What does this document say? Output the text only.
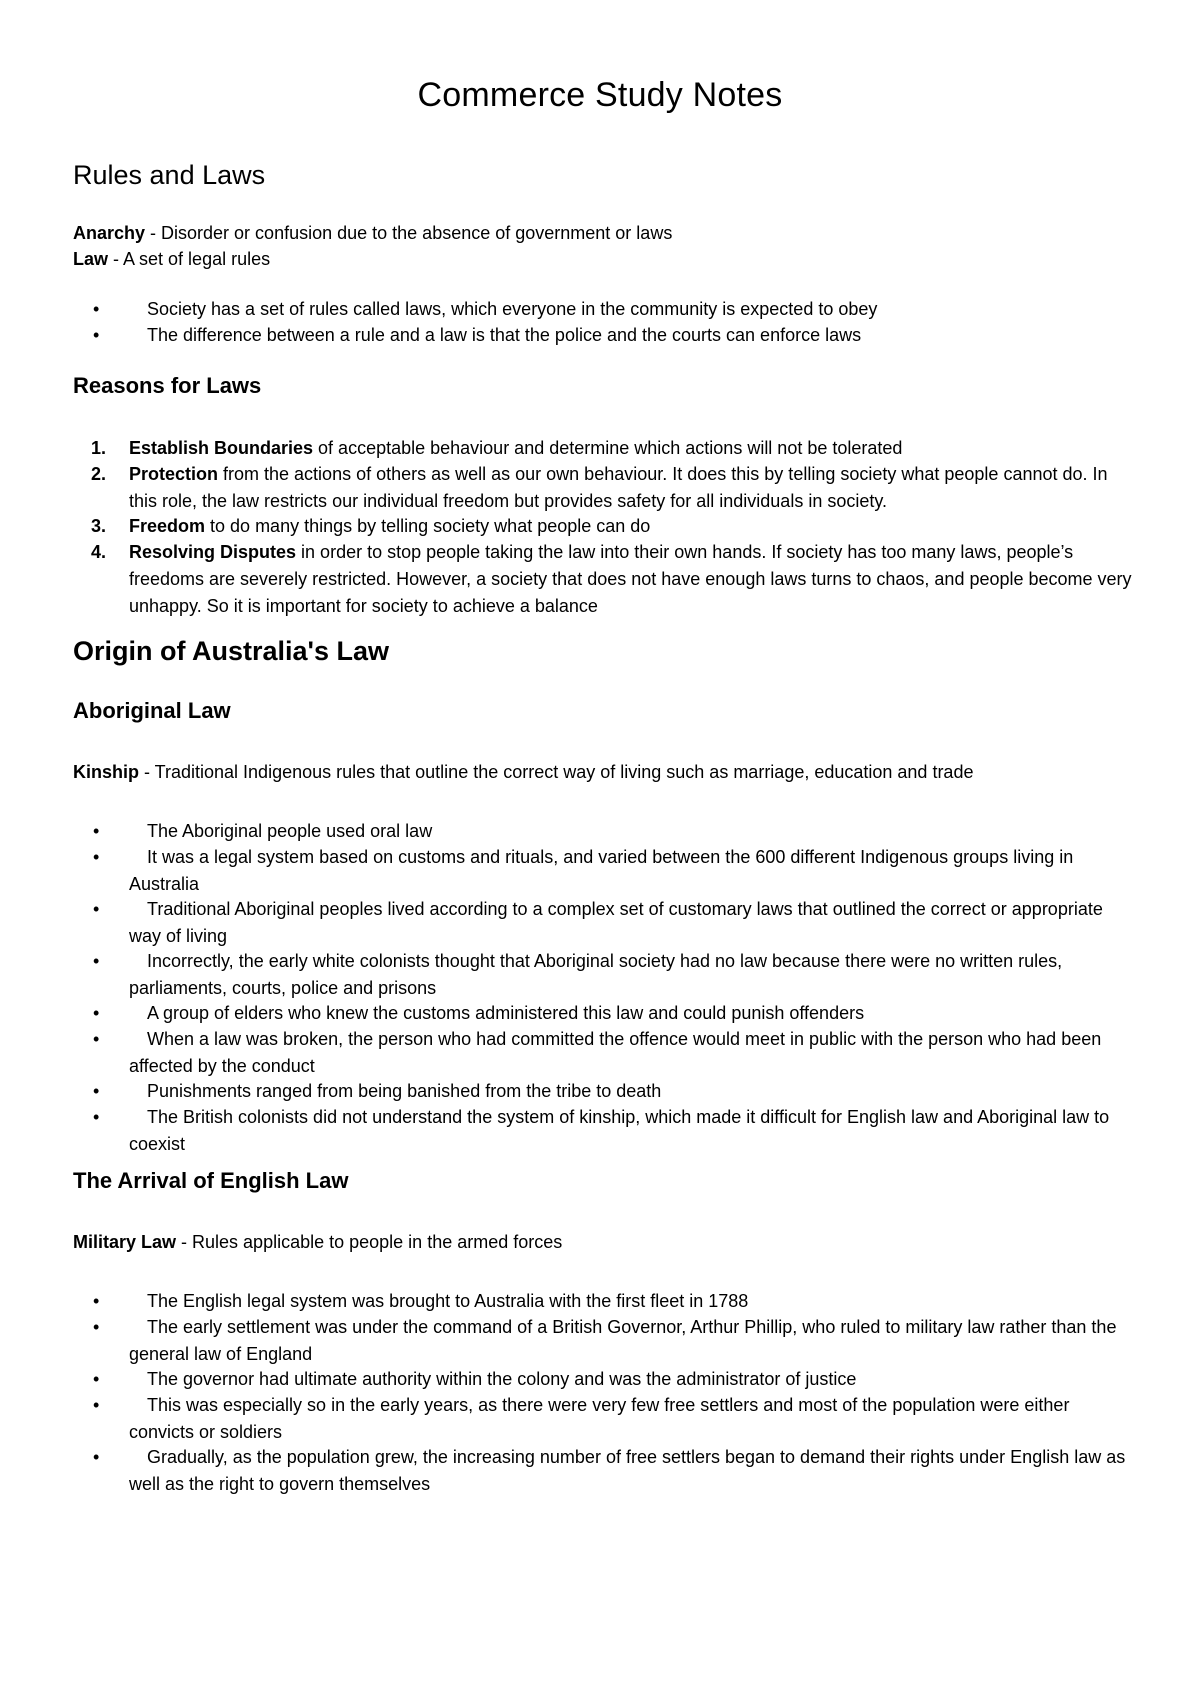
Commerce Study Notes
Rules and Laws
Anarchy - Disorder or confusion due to the absence of government or laws
Law - A set of legal rules
•	Society has a set of rules called laws, which everyone in the community is expected to obey
•	The difference between a rule and a law is that the police and the courts can enforce laws
Reasons for Laws
1. Establish Boundaries of acceptable behaviour and determine which actions will not be tolerated
2. Protection from the actions of others as well as our own behaviour. It does this by telling society what people cannot do. In this role, the law restricts our individual freedom but provides safety for all individuals in society.
3. Freedom to do many things by telling society what people can do
4. Resolving Disputes in order to stop people taking the law into their own hands. If society has too many laws, people’s freedoms are severely restricted. However, a society that does not have enough laws turns to chaos, and people become very unhappy. So it is important for society to achieve a balance
Origin of Australia's Law
Aboriginal Law
Kinship - Traditional Indigenous rules that outline the correct way of living such as marriage, education and trade
•	The Aboriginal people used oral law
•	It was a legal system based on customs and rituals, and varied between the 600 different Indigenous groups living in Australia
•	Traditional Aboriginal peoples lived according to a complex set of customary laws that outlined the correct or appropriate way of living
•	Incorrectly, the early white colonists thought that Aboriginal society had no law because there were no written rules, parliaments, courts, police and prisons
•	A group of elders who knew the customs administered this law and could punish offenders
•	When a law was broken, the person who had committed the offence would meet in public with the person who had been affected by the conduct
•	Punishments ranged from being banished from the tribe to death
•	The British colonists did not understand the system of kinship, which made it difficult for English law and Aboriginal law to coexist
The Arrival of English Law
Military Law - Rules applicable to people in the armed forces
•	The English legal system was brought to Australia with the first fleet in 1788
•	The early settlement was under the command of a British Governor, Arthur Phillip, who ruled to military law rather than the general law of England
•	The governor had ultimate authority within the colony and was the administrator of justice
•	This was especially so in the early years, as there were very few free settlers and most of the population were either convicts or soldiers
•	Gradually, as the population grew, the increasing number of free settlers began to demand their rights under English law as well as the right to govern themselves
